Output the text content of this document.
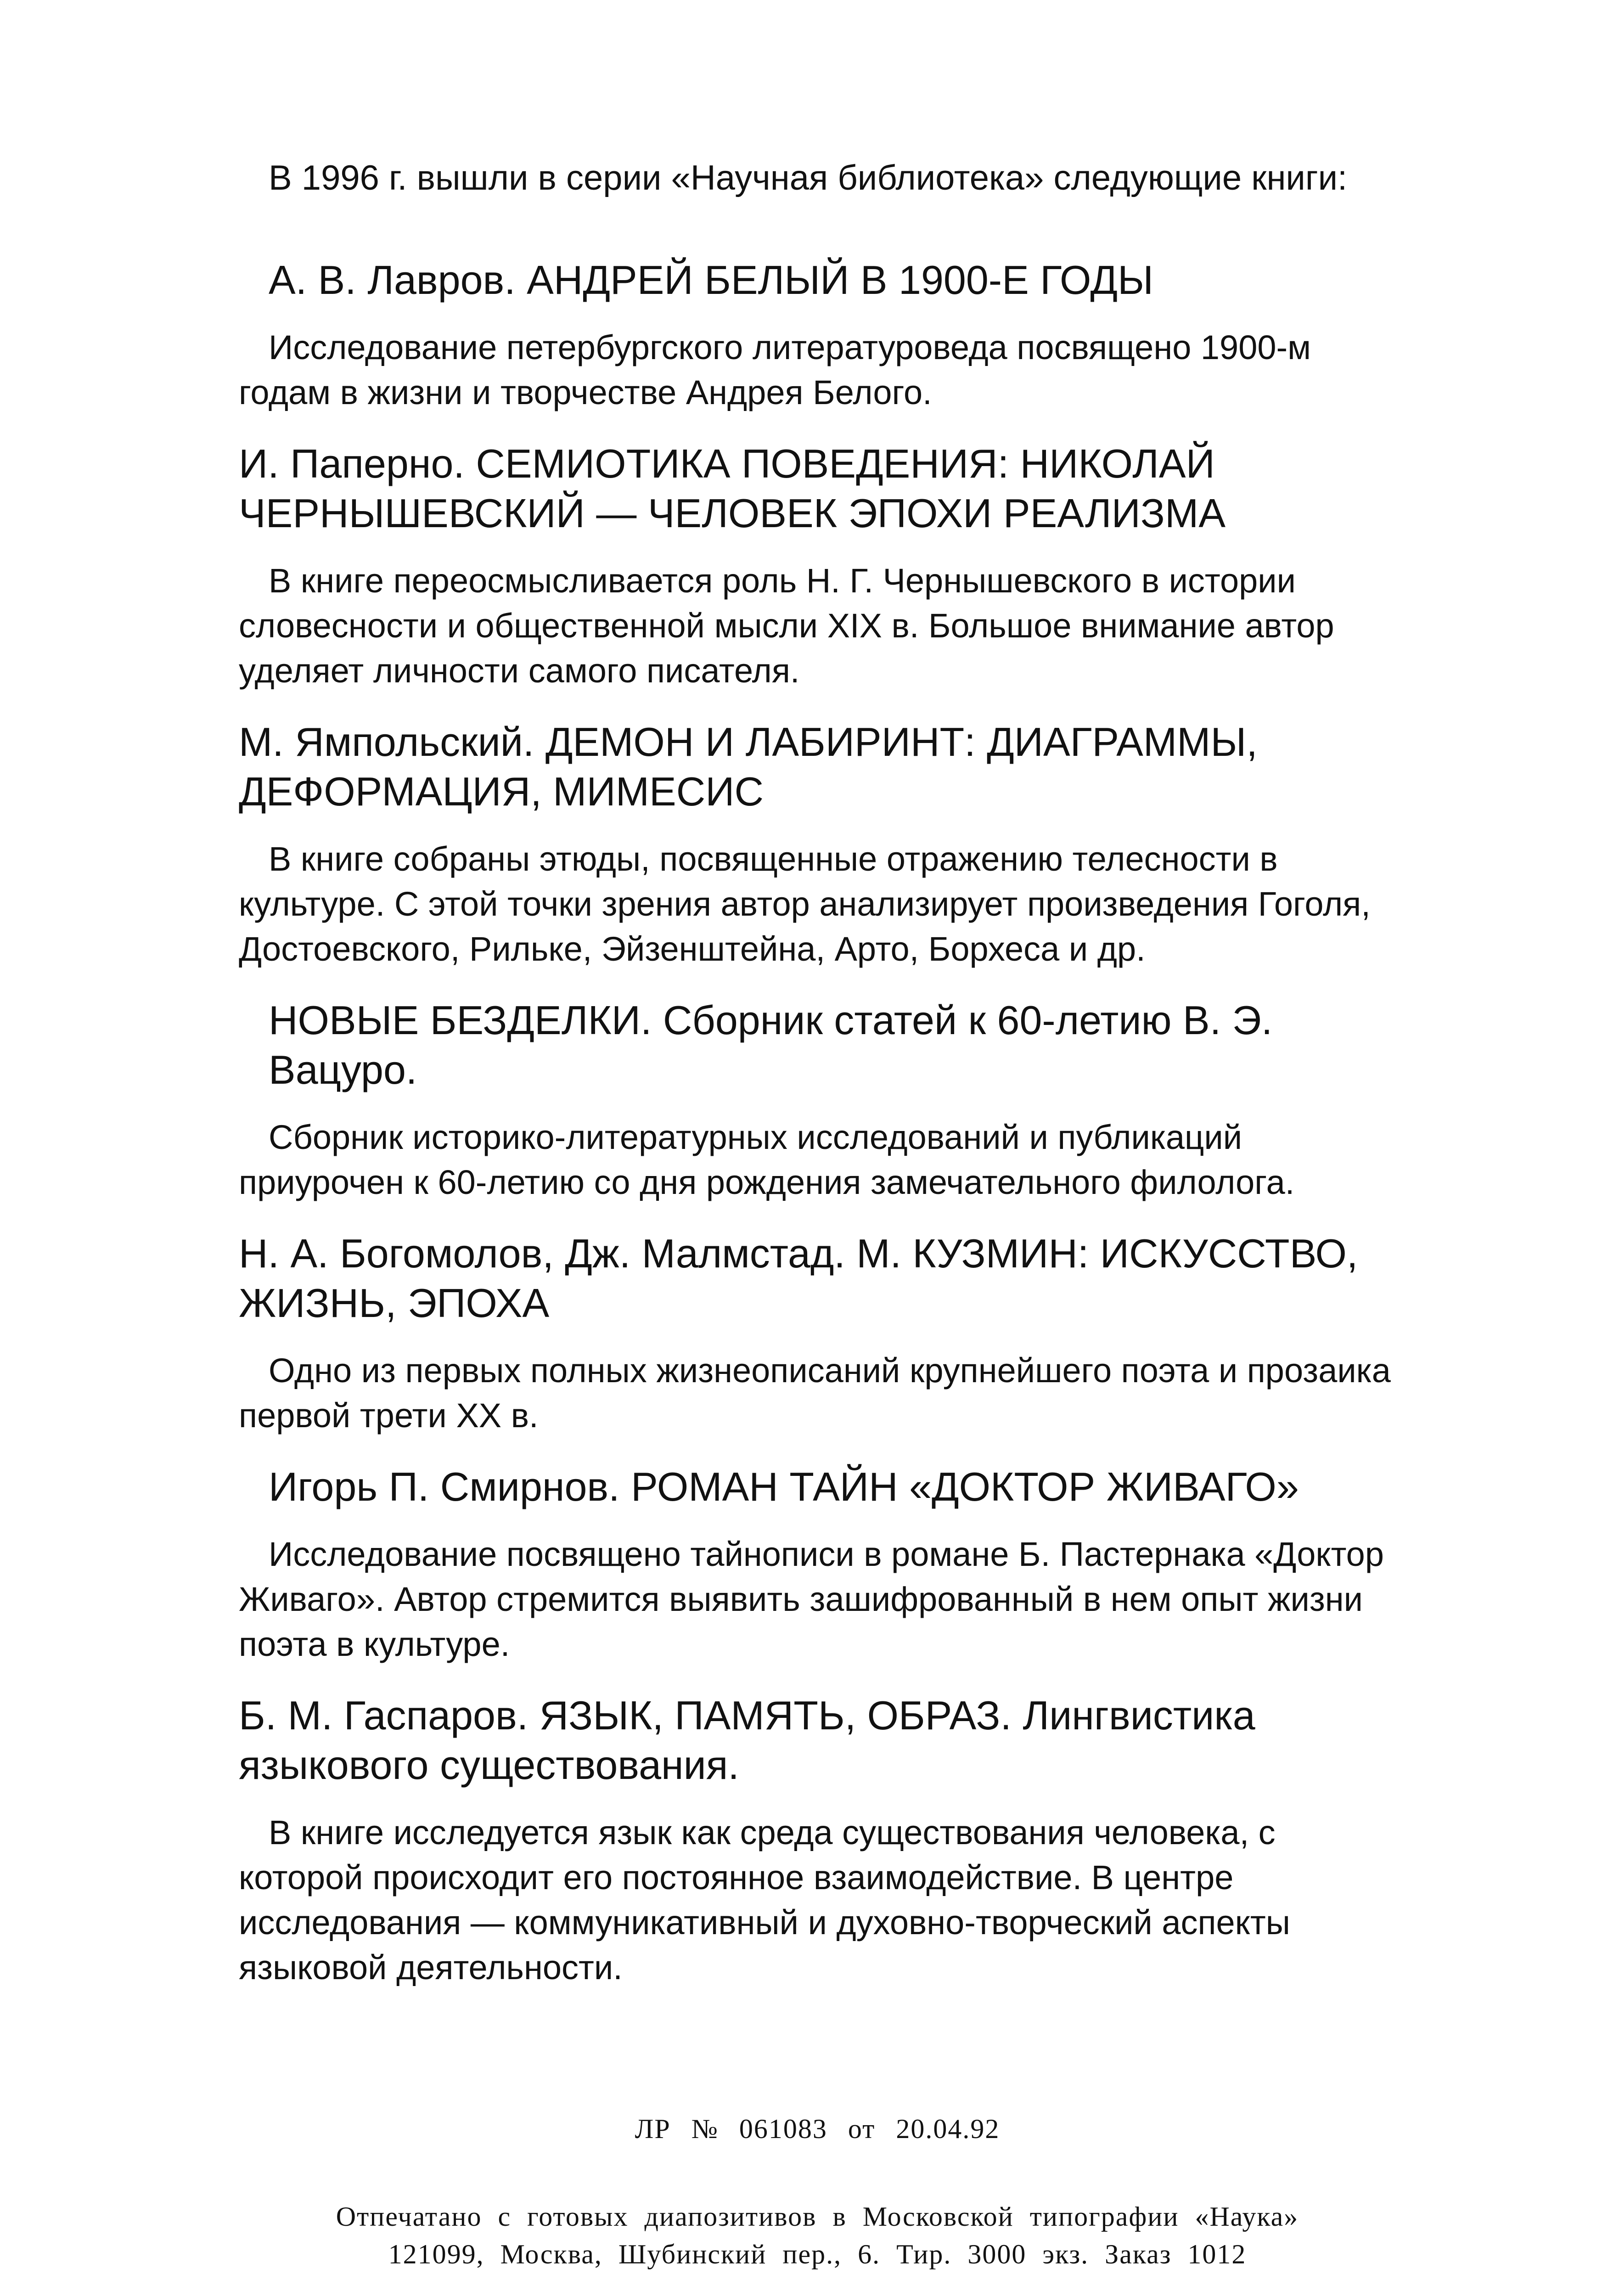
В 1996 г. вышли в серии «Научная библиотека» следующие книги:

А. В. Лавров. АНДРЕЙ БЕЛЫЙ В 1900-Е ГОДЫ

Исследование петербургского литературоведа посвящено 1900-м годам в жизни и творчестве Андрея Белого.

И. Паперно. СЕМИОТИКА ПОВЕДЕНИЯ: НИКОЛАЙ ЧЕРНЫШЕВСКИЙ — ЧЕЛОВЕК ЭПОХИ РЕАЛИЗМА

В книге переосмысливается роль Н. Г. Чернышевского в истории словесности и общественной мысли XIX в. Большое внимание автор уделяет личности самого писателя.

М. Ямпольский. ДЕМОН И ЛАБИРИНТ: ДИАГРАММЫ, ДЕФОРМАЦИЯ, МИМЕСИС

В книге собраны этюды, посвященные отражению телесности в культуре. С этой точки зрения автор анализирует произведения Гоголя, Достоевского, Рильке, Эйзенштейна, Арто, Борхеса и др.

НОВЫЕ БЕЗДЕЛКИ. Сборник статей к 60-летию В. Э. Вацуро.

Сборник историко-литературных исследований и публикаций приурочен к 60-летию со дня рождения замечательного филолога.

Н. А. Богомолов, Дж. Малмстад. М. КУЗМИН: ИСКУССТВО, ЖИЗНЬ, ЭПОХА

Одно из первых полных жизнеописаний крупнейшего поэта и прозаика первой трети XX в.

Игорь П. Смирнов. РОМАН ТАЙН «ДОКТОР ЖИВАГО»

Исследование посвящено тайнописи в романе Б. Пастернака «Доктор Живаго». Автор стремится выявить зашифрованный в нем опыт жизни поэта в культуре.

Б. М. Гаспаров. ЯЗЫК, ПАМЯТЬ, ОБРАЗ. Лингвистика языкового существования.

В книге исследуется язык как среда существования человека, с которой происходит его постоянное взаимодействие. В центре исследования — коммуникативный и духовно-творческий аспекты языковой деятельности.

ЛР № 061083 от 20.04.92

Отпечатано с готовых диапозитивов в Московской типографии «Наука»
121099, Москва, Шубинский пер., 6. Тир. 3000 экз. Заказ 1012
